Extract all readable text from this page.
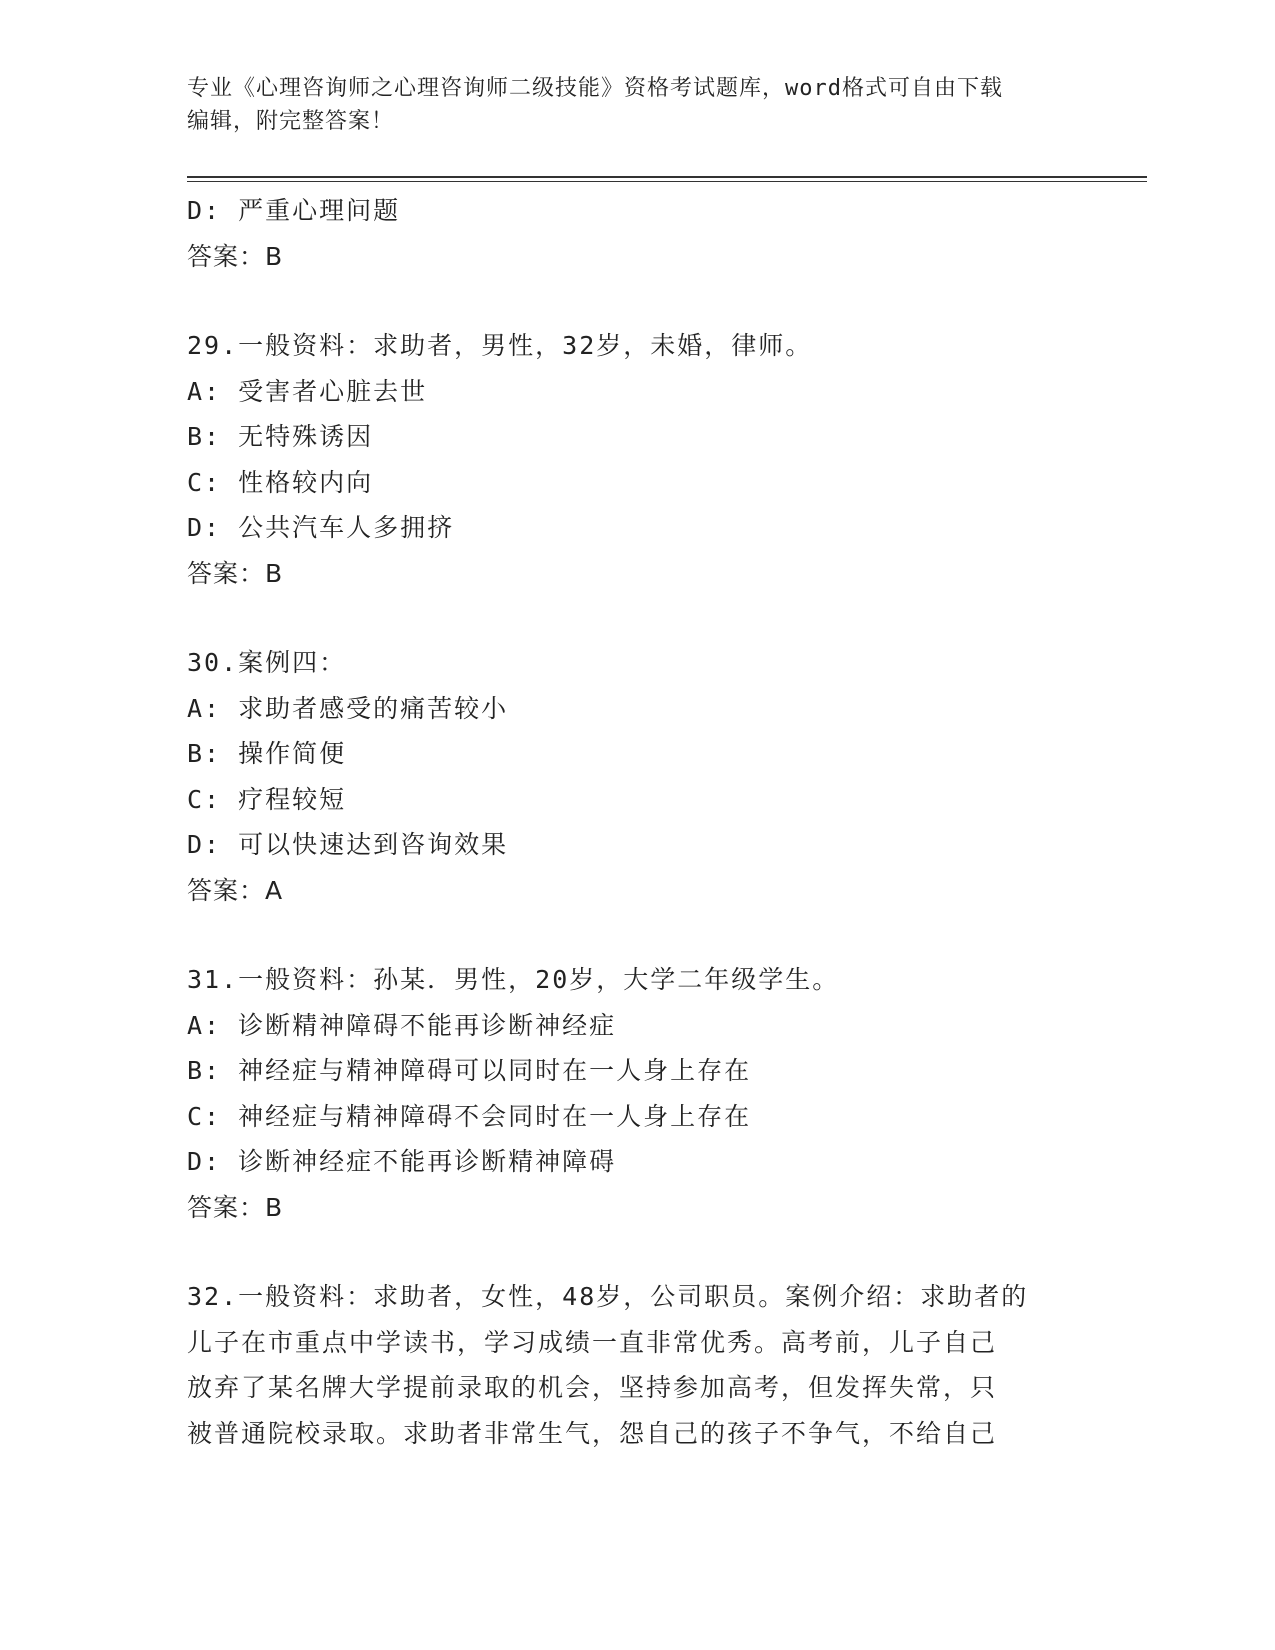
专业《心理咨询师之心理咨询师二级技能》资格考试题库，word格式可自由下载
编辑，附完整答案！
D: 严重心理问题
答案：B
29.一般资料：求助者，男性，32岁，未婚，律师。
A: 受害者心脏去世
B: 无特殊诱因
C: 性格较内向
D: 公共汽车人多拥挤
答案：B
30.案例四：
A: 求助者感受的痛苦较小
B: 操作简便
C: 疗程较短
D: 可以快速达到咨询效果
答案：A
31.一般资料：孙某．男性，20岁，大学二年级学生。
A: 诊断精神障碍不能再诊断神经症
B: 神经症与精神障碍可以同时在一人身上存在
C: 神经症与精神障碍不会同时在一人身上存在
D: 诊断神经症不能再诊断精神障碍
答案：B
32.一般资料：求助者，女性，48岁，公司职员。案例介绍：求助者的
儿子在市重点中学读书，学习成绩一直非常优秀。高考前，儿子自己
放弃了某名牌大学提前录取的机会，坚持参加高考，但发挥失常，只
被普通院校录取。求助者非常生气，怨自己的孩子不争气，不给自己
